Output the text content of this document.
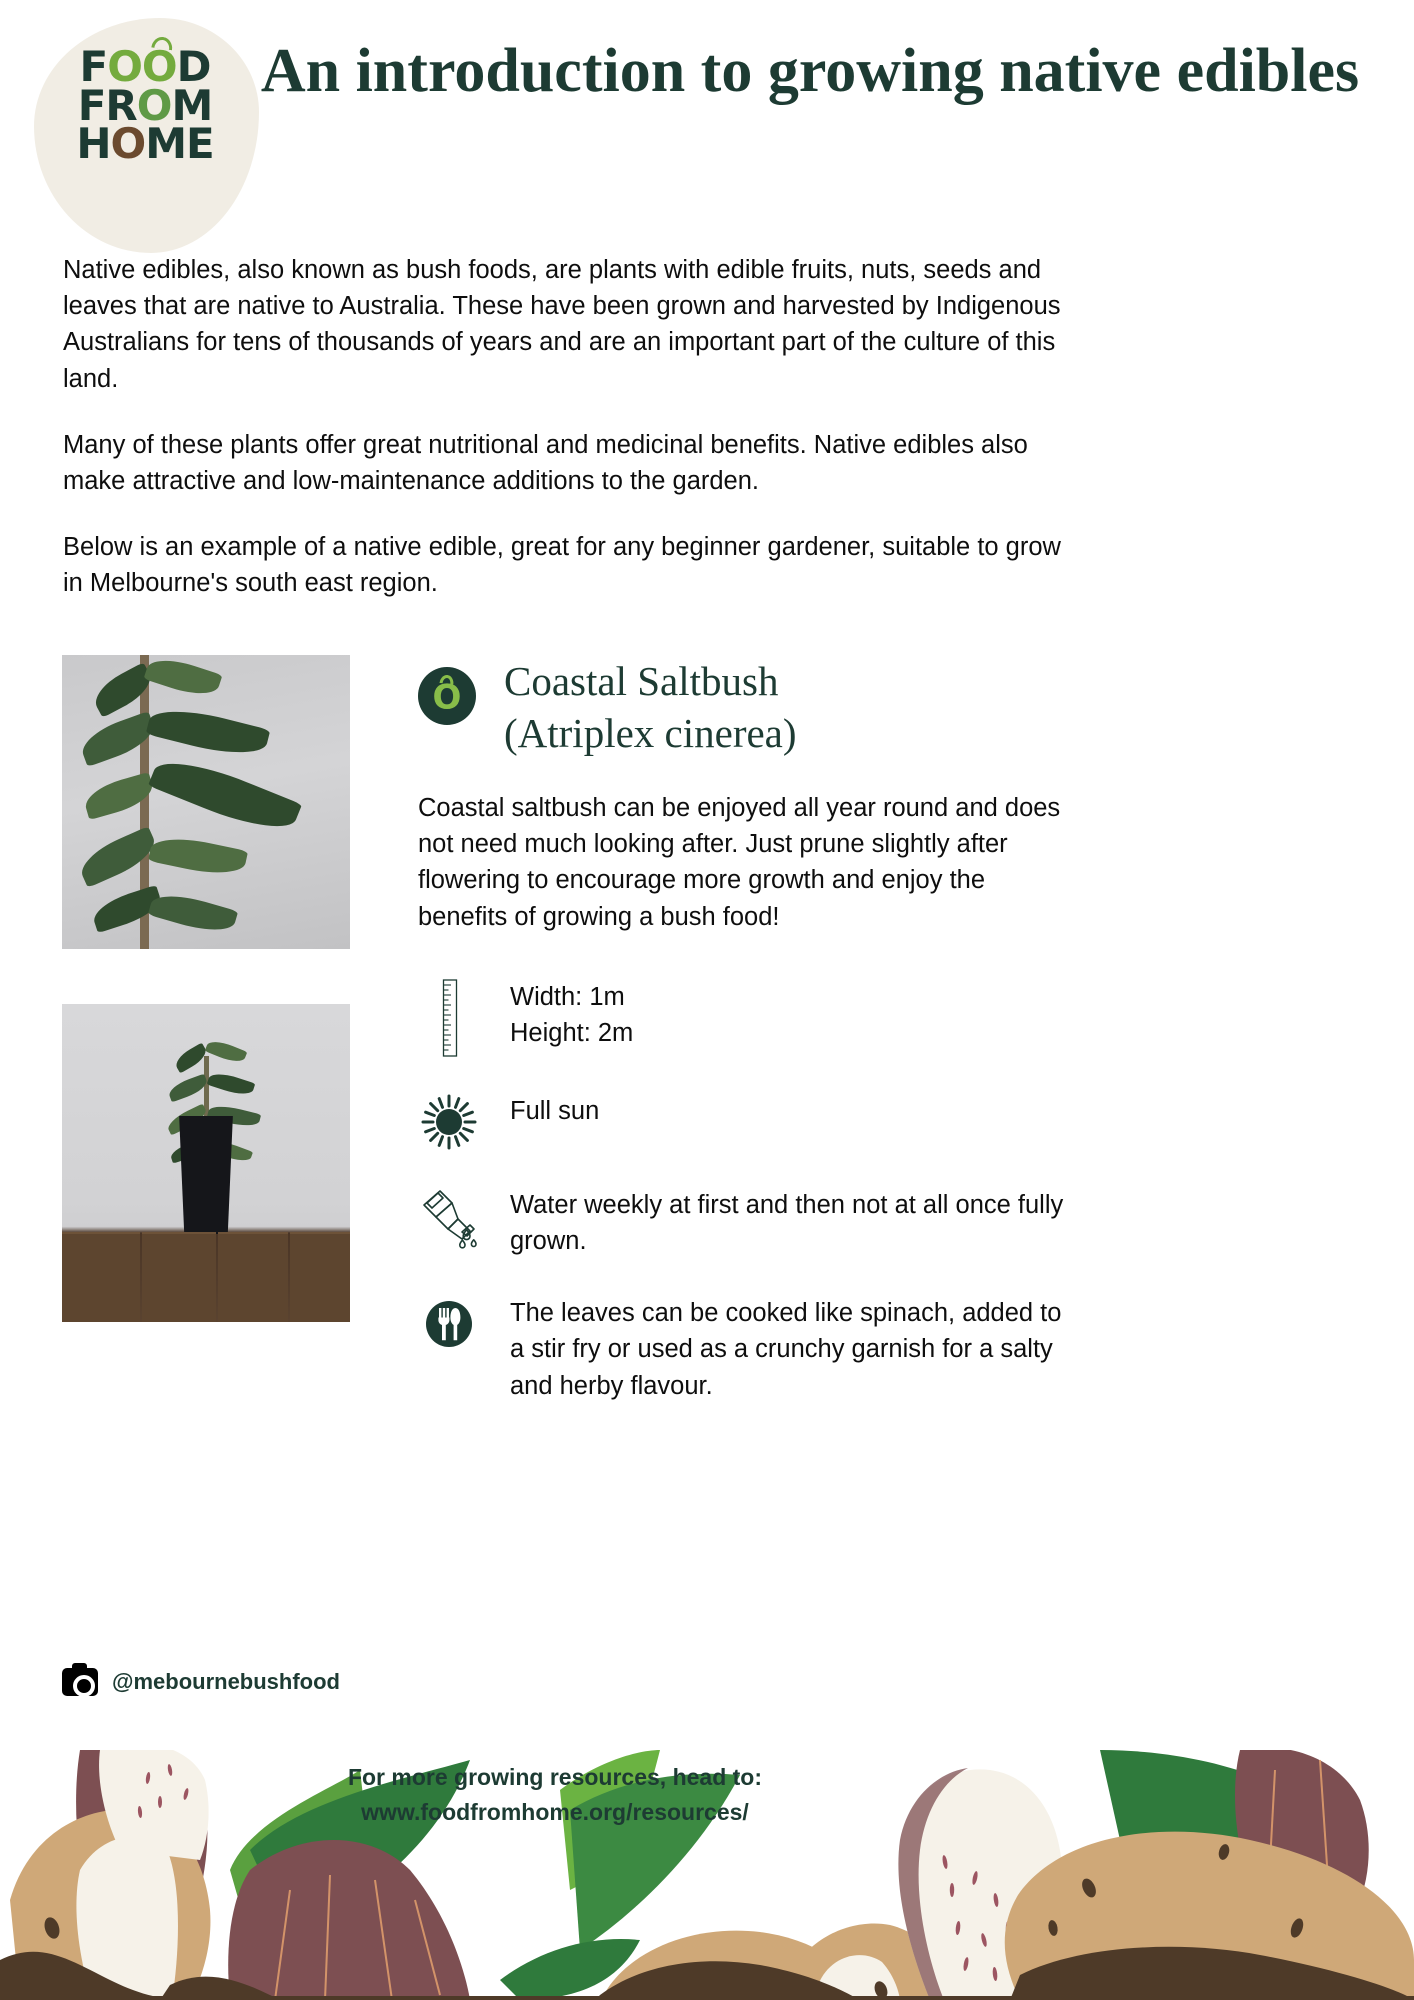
FOOD
FROM
HOME
An introduction to growing native edibles

Native edibles, also known as bush foods, are plants with edible fruits, nuts, seeds and leaves that are native to Australia. These have been grown and harvested by Indigenous Australians for tens of thousands of years and are an important part of the culture of this land.

Many of these plants offer great nutritional and medicinal benefits. Native edibles also make attractive and low-maintenance additions to the garden.

Below is an example of a native edible, great for any beginner gardener, suitable to grow in Melbourne's south east region.

@mebournebushfood
O Coastal Saltbush
(Atriplex cinerea)

Coastal saltbush can be enjoyed all year round and does not need much looking after. Just prune slightly after flowering to encourage more growth and enjoy the benefits of growing a bush food!

Width: 1m
Height: 2m
Full sun
Water weekly at first and then not at all once fully grown.
The leaves can be cooked like spinach, added to a stir fry or used as a crunchy garnish for a salty and herby flavour.
For more growing resources, head to:
www.foodfromhome.org/resources/
